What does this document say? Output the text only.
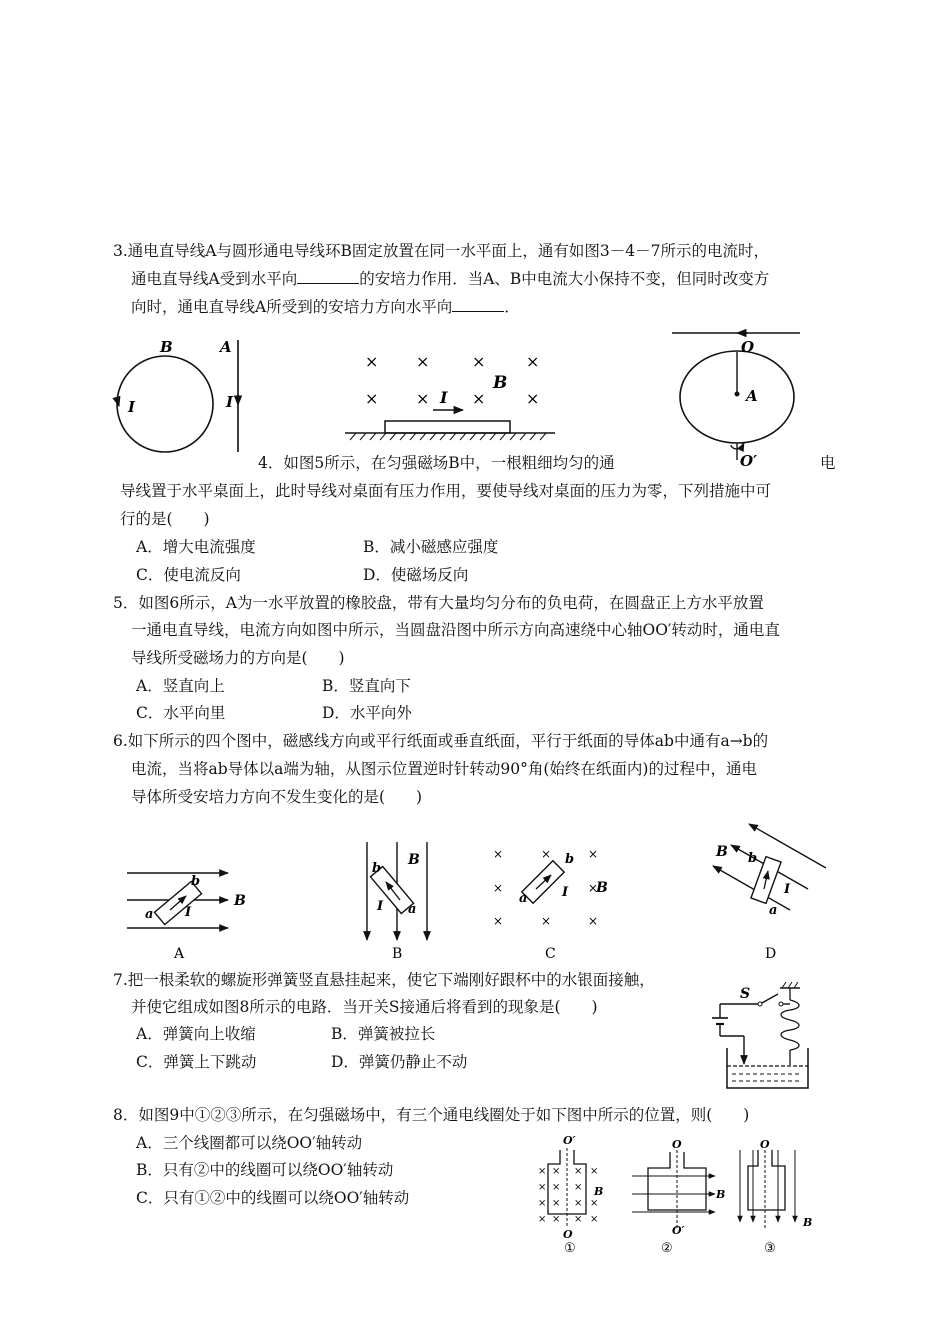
3.通电直导线A与圆形通电导线环B固定放置在同一水平面上，通有如图3－4－7所示的电流时，
通电直导线A受到水平向	的安培力作用．当A、B中电流大小保持不变，但同时改变方
向时，通电直导线A所受到的安培力方向水平向	．
B
I
A
I
× ×	×	×
× ×	×	×
B
I
O
A
O′
4．如图5所示，在匀强磁场B中，一根粗细均匀的通	电
导线置于水平桌面上，此时导线对桌面有压力作用，要使导线对桌面的压力为零，下列措施中可
行的是(　　)
A．增大电流强度	B．减小磁感应强度
C．使电流反向	D．使磁场反向
5．如图6所示，A为一水平放置的橡胶盘，带有大量均匀分布的负电荷，在圆盘正上方水平放置
一通电直导线，电流方向如图中所示，当圆盘沿图中所示方向高速绕中心轴OO′转动时，通电直
导线所受磁场力的方向是(　　)
A．竖直向上	B．竖直向下
C．水平向里	D．水平向外
6.如下所示的四个图中，磁感线方向或平行纸面或垂直纸面，平行于纸面的导体ab中通有a→b的
电流，当将ab导体以a端为轴，从图示位置逆时针转动90°角(始终在纸面内)的过程中，通电
导体所受安培力方向不发生变化的是(　　)
a
b
I
B
A
b
a
I
B
B
×	×	×
×	×
×	×	×
a
b
I B
C
a
b
I
B
D
S
O′
×
×
×
×
×
×
×
×
×
×
×
×
×
×
×
B
O
①
O
B
O′
②
O
B
③
7.把一根柔软的螺旋形弹簧竖直悬挂起来，使它下端刚好跟杯中的水银面接触，
并使它组成如图8所示的电路．当开关S接通后将看到的现象是(　　)
A．弹簧向上收缩	B．弹簧被拉长
C．弹簧上下跳动	D．弹簧仍静止不动
8．如图9中①②③所示，在匀强磁场中，有三个通电线圈处于如下图中所示的位置，则(　　)
A．三个线圈都可以绕OO′轴转动
B．只有②中的线圈可以绕OO′轴转动
C．只有①②中的线圈可以绕OO′轴转动
